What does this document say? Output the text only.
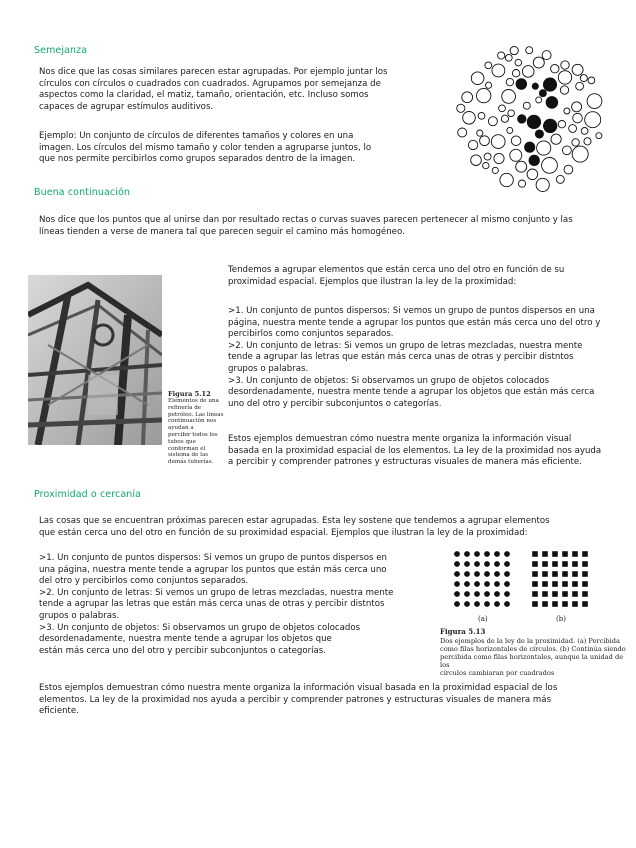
Semejanza

Nos dice que las cosas similares parecen estar agrupadas. Por ejemplo juntar los
círculos con círculos o cuadrados con cuadrados. Agrupamos por semejanza de
aspectos como la claridad, el matiz, tamaño, orientación, etc. Incluso somos
capaces de agrupar estímulos auditivos.

Ejemplo: Un conjunto de círculos de diferentes tamaños y colores en una
imagen. Los círculos del mismo tamaño y color tenden a agruparse juntos, lo
que nos permite percibirlos como grupos separados dentro de la imagen.

Buena continuación

Nos dice que los puntos que al unirse dan por resultado rectas o curvas suaves parecen pertenecer al mismo conjunto y las
líneas tienden a verse de manera tal que parecen seguir el camino más homogéneo.

Figura 5.12
Elementos de una refinería de
petróleo. Las líneas
continuación nos ayudan a
percibir todos los tubos que
conforman el sistema de las
demás tuberías.

Tendemos a agrupar elementos que están cerca uno del otro en función de su
proximidad espacial. Ejemplos que ilustran la ley de la proximidad:

>1. Un conjunto de puntos dispersos: Si vemos un grupo de puntos dispersos en una
página, nuestra mente tende a agrupar los puntos que están más cerca uno del otro y
percibirlos como conjuntos separados.
>2. Un conjunto de letras: Si vemos un grupo de letras mezcladas, nuestra mente
tende a agrupar las letras que están más cerca unas de otras y percibir distntos
grupos o palabras.
>3. Un conjunto de objetos: Si observamos un grupo de objetos colocados
desordenadamente, nuestra mente tende a agrupar los objetos que están más cerca
uno del otro y percibir subconjuntos o categorías.

Estos ejemplos demuestran cómo nuestra mente organiza la información visual
basada en la proximidad espacial de los elementos. La ley de la proximidad nos ayuda
a percibir y comprender patrones y estructuras visuales de manera más eficiente.

Proximidad o cercanía

Las cosas que se encuentran próximas parecen estar agrupadas. Esta ley sostene que tendemos a agrupar elementos
que están cerca uno del otro en función de su proximidad espacial. Ejemplos que ilustran la ley de la proximidad:

>1. Un conjunto de puntos dispersos: Si vemos un grupo de puntos dispersos en
una página, nuestra mente tende a agrupar los puntos que están más cerca uno
del otro y percibirlos como conjuntos separados.
>2. Un conjunto de letras: Si vemos un grupo de letras mezcladas, nuestra mente
tende a agrupar las letras que están más cerca unas de otras y percibir distntos
grupos o palabras.
>3. Un conjunto de objetos: Si observamos un grupo de objetos colocados
desordenadamente, nuestra mente tende a agrupar los objetos que
están más cerca uno del otro y percibir subconjuntos o categorías.

(a)	(b)
Figura 5.13
Dos ejemplos de la ley de la proximidad. (a) Percibida
como filas horizontales de círculos. (b) Continúa siendo
percibida como filas horizontales, aunque la unidad de los
círculos cambiaran por cuadrados

Estos ejemplos demuestran cómo nuestra mente organiza la información visual basada en la proximidad espacial de los
elementos. La ley de la proximidad nos ayuda a percibir y comprender patrones y estructuras visuales de manera más
eficiente.
